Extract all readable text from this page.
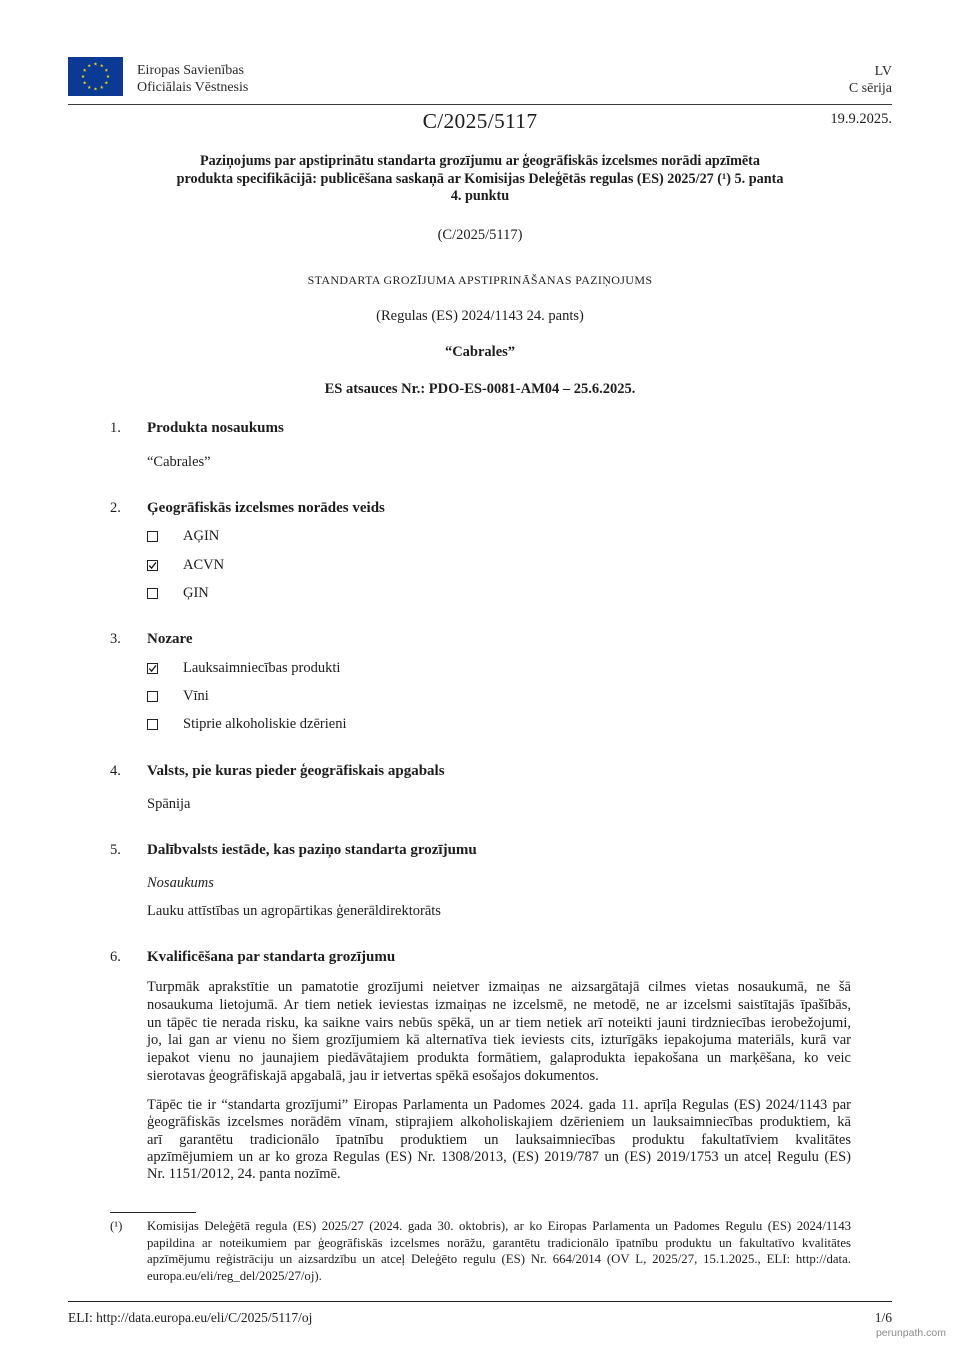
Eiropas Savienības
Oficiālais Vēstnesis
LV
C sērija
C/2025/5117	19.9.2025.
Paziņojums par apstiprinātu standarta grozījumu ar ģeogrāfiskās izcelsmes norādi apzīmēta
produkta specifikācijā: publicēšana saskaņā ar Komisijas Deleģētās regulas (ES) 2025/27 (¹) 5. panta
4. punktu
(C/2025/5117)
STANDARTA GROZĪJUMA APSTIPRINĀŠANAS PAZIŅOJUMS
(Regulas (ES) 2024/1143 24. pants)
“Cabrales”
ES atsauces Nr.: PDO-ES-0081-AM04 – 25.6.2025.
1. Produkta nosaukums
“Cabrales”
2. Ģeogrāfiskās izcelsmes norādes veids
AĢIN
ACVN
ĢIN
3. Nozare
Lauksaimniecības produkti
Vīni
Stiprie alkoholiskie dzērieni
4. Valsts, pie kuras pieder ģeogrāfiskais apgabals
Spānija
5. Dalībvalsts iestāde, kas paziņo standarta grozījumu
Nosaukums
Lauku attīstības un agropārtikas ģenerāldirektorāts
6. Kvalificēšana par standarta grozījumu
Turpmāk aprakstītie un pamatotie grozījumi neietver izmaiņas ne aizsargātajā cilmes vietas nosaukumā, ne šā
nosaukuma lietojumā. Ar tiem netiek ieviestas izmaiņas ne izcelsmē, ne metodē, ne ar izcelsmi saistītajās īpašībās,
un tāpēc tie nerada risku, ka saikne vairs nebūs spēkā, un ar tiem netiek arī noteikti jauni tirdzniecības ierobežojumi,
jo, lai gan ar vienu no šiem grozījumiem kā alternatīva tiek ieviests cits, izturīgāks iepakojuma materiāls, kurā var
iepakot vienu no jaunajiem piedāvātajiem produkta formātiem, galaprodukta iepakošana un marķēšana, ko veic
sierotavas ģeogrāfiskajā apgabalā, jau ir ietvertas spēkā esošajos dokumentos.
Tāpēc tie ir “standarta grozījumi” Eiropas Parlamenta un Padomes 2024. gada 11. aprīļa Regulas (ES) 2024/1143 par
ģeogrāfiskās izcelsmes norādēm vīnam, stiprajiem alkoholiskajiem dzērieniem un lauksaimniecības produktiem, kā
arī garantētu tradicionālo īpatnību produktiem un lauksaimniecības produktu fakultatīviem kvalitātes
apzīmējumiem un ar ko groza Regulas (ES) Nr. 1308/2013, (ES) 2019/787 un (ES) 2019/1753 un atceļ Regulu (ES)
Nr. 1151/2012, 24. panta nozīmē.
(¹) Komisijas Deleģētā regula (ES) 2025/27 (2024. gada 30. oktobris), ar ko Eiropas Parlamenta un Padomes Regulu (ES) 2024/1143
papildina ar noteikumiem par ģeogrāfiskās izcelsmes norāžu, garantētu tradicionālo īpatnību produktu un fakultatīvo kvalitātes
apzīmējumu reģistrāciju un aizsardzību un atceļ Deleģēto regulu (ES) Nr. 664/2014 (OV L, 2025/27, 15.1.2025., ELI: http://data.
europa.eu/eli/reg_del/2025/27/oj).
ELI: http://data.europa.eu/eli/C/2025/5117/oj	1/6
perunpath.com
